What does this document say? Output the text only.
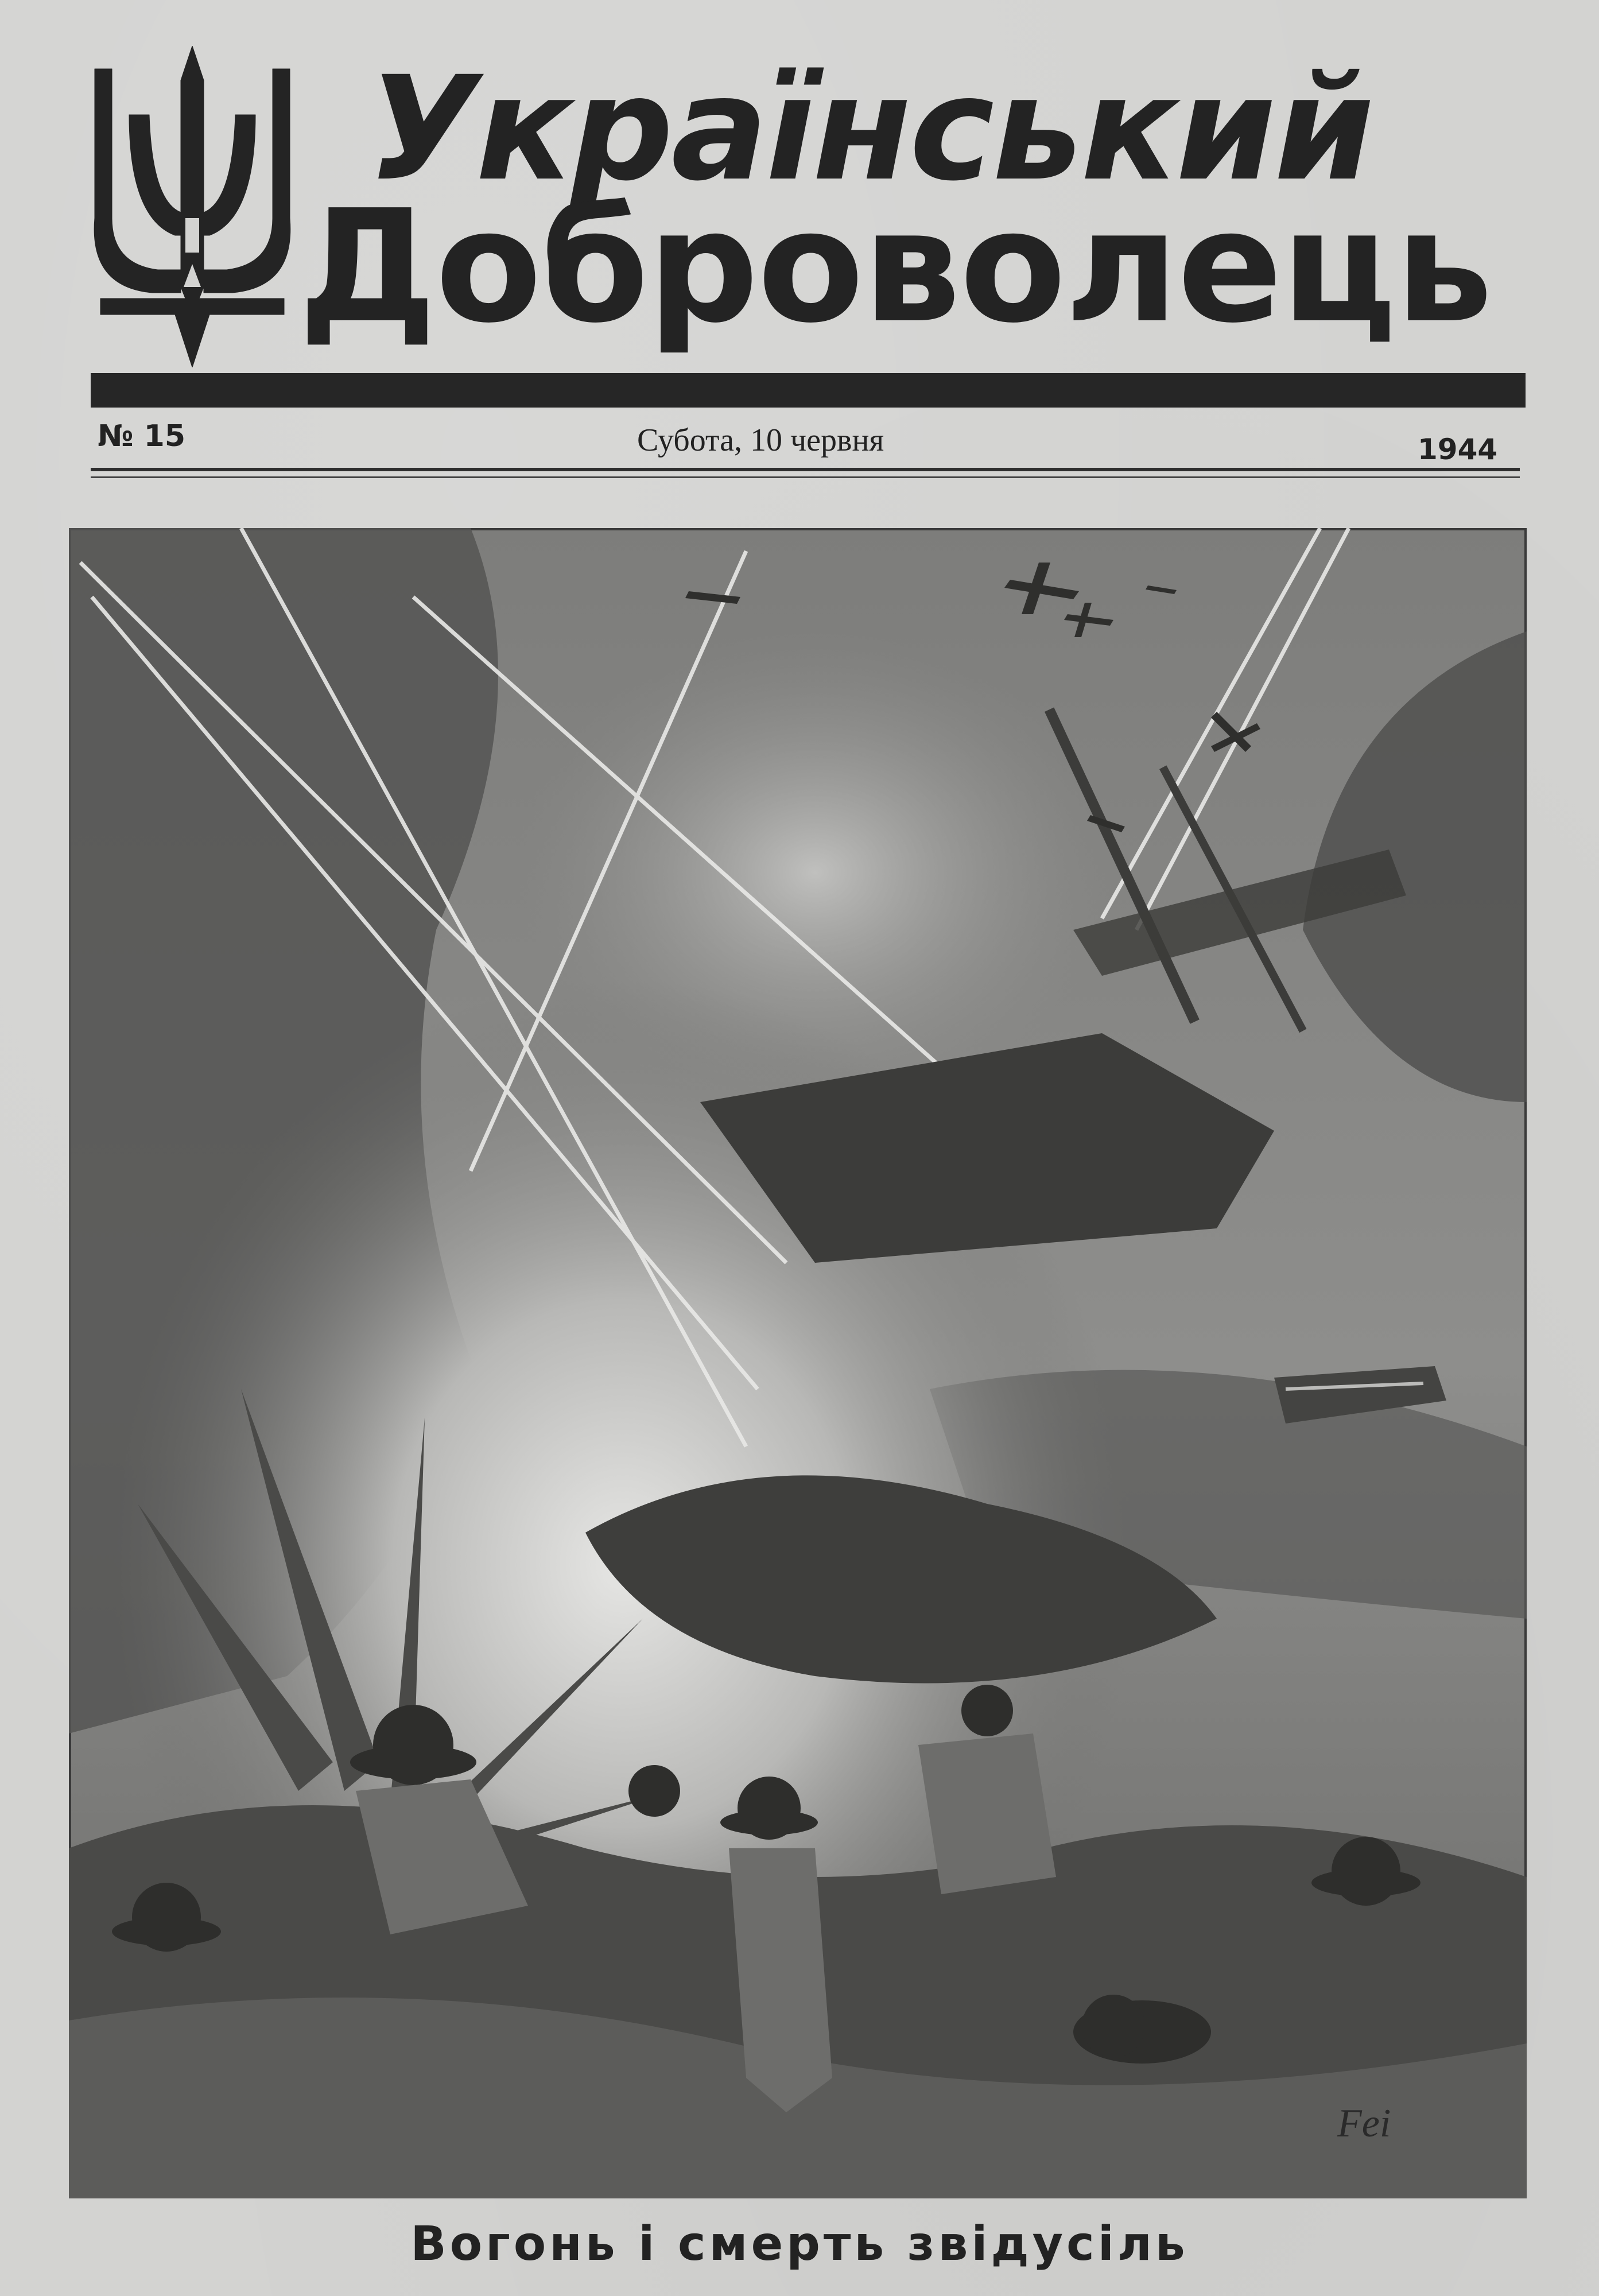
Український
Доброволець
№ 15	Субота, 10 червня	1944
Fei
Вогонь і смерть звідусіль
